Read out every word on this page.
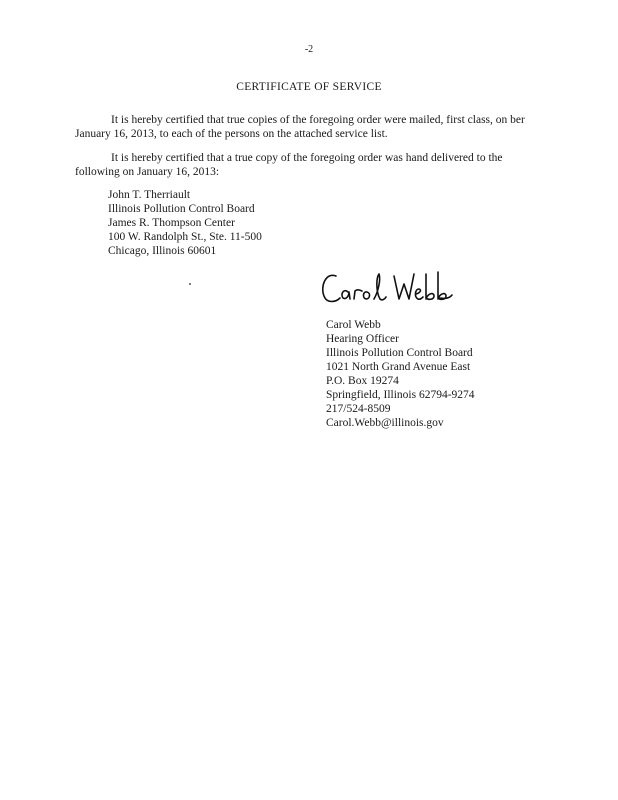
-2
CERTIFICATE OF SERVICE
It is hereby certified that true copies of the foregoing order were mailed, first class, on ber
January 16, 2013, to each of the persons on the attached service list.
It is hereby certified that a true copy of the foregoing order was hand delivered to the
following on January 16, 2013:
John T. Therriault
Illinois Pollution Control Board
James R. Thompson Center
100 W. Randolph St., Ste. 11-500
Chicago, Illinois 60601
Carol Webb
Hearing Officer
Illinois Pollution Control Board
1021 North Grand Avenue East
P.O. Box 19274
Springfield, Illinois 62794-9274
217/524-8509
Carol.Webb@illinois.gov
